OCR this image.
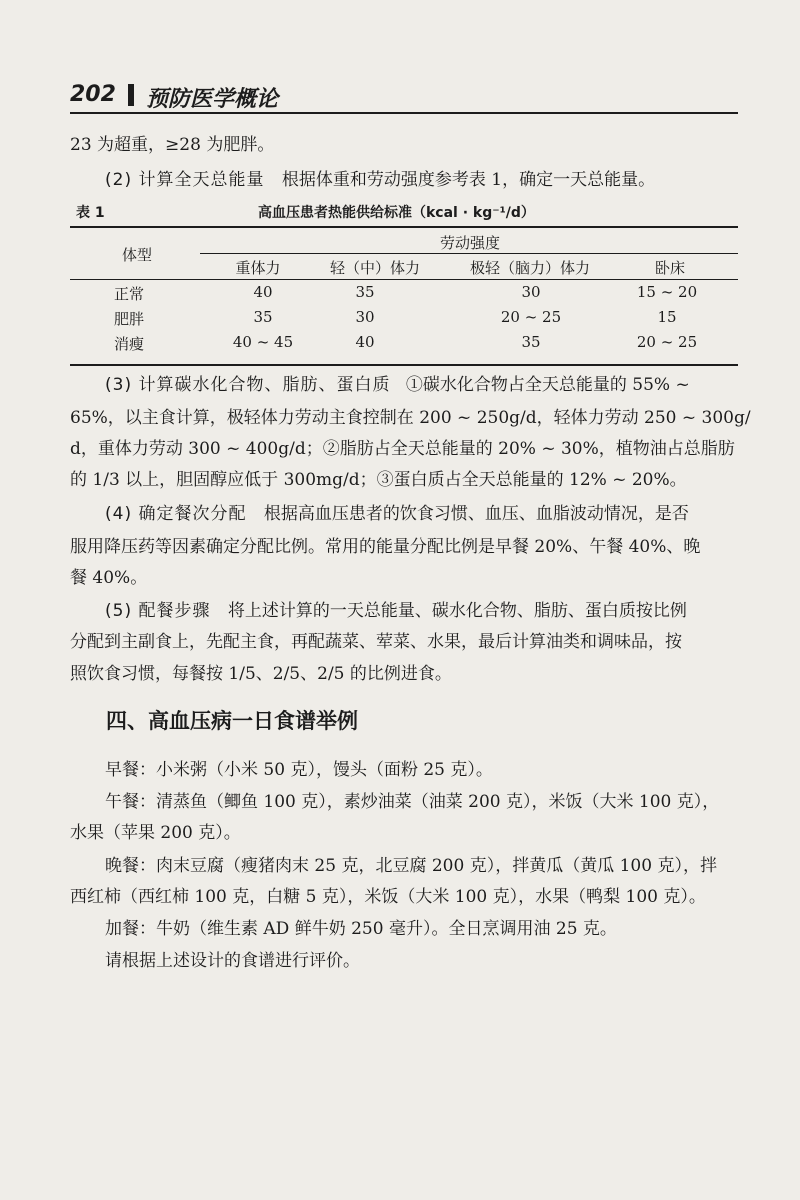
202 预防医学概论
23 为超重，≥28 为肥胖。
(2) 计算全天总能量 根据体重和劳动强度参考表 1，确定一天总能量。
表 1	高血压患者热能供给标准（kcal · kg⁻¹/d）
体型
劳动强度
重体力	轻（中）体力	极轻（脑力）体力	卧床
正常	40	35	30	15 ~ 20
肥胖	35	30	20 ~ 25	15
消瘦	40 ~ 45	40	35	20 ~ 25
(3) 计算碳水化合物、脂肪、蛋白质 ①碳水化合物占全天总能量的 55% ~
65%，以主食计算，极轻体力劳动主食控制在 200 ~ 250g/d，轻体力劳动 250 ~ 300g/
d，重体力劳动 300 ~ 400g/d；②脂肪占全天总能量的 20% ~ 30%，植物油占总脂肪
的 1/3 以上，胆固醇应低于 300mg/d；③蛋白质占全天总能量的 12% ~ 20%。
(4) 确定餐次分配 根据高血压患者的饮食习惯、血压、血脂波动情况，是否
服用降压药等因素确定分配比例。常用的能量分配比例是早餐 20%、午餐 40%、晚
餐 40%。
(5) 配餐步骤 将上述计算的一天总能量、碳水化合物、脂肪、蛋白质按比例
分配到主副食上，先配主食，再配蔬菜、荤菜、水果，最后计算油类和调味品，按
照饮食习惯，每餐按 1/5、2/5、2/5 的比例进食。
四、高血压病一日食谱举例
早餐：小米粥（小米 50 克），馒头（面粉 25 克）。
午餐：清蒸鱼（鲫鱼 100 克），素炒油菜（油菜 200 克），米饭（大米 100 克），
水果（苹果 200 克）。
晚餐：肉末豆腐（瘦猪肉末 25 克，北豆腐 200 克），拌黄瓜（黄瓜 100 克），拌
西红柿（西红柿 100 克，白糖 5 克），米饭（大米 100 克），水果（鸭梨 100 克）。
加餐：牛奶（维生素 AD 鲜牛奶 250 毫升）。全日烹调用油 25 克。
请根据上述设计的食谱进行评价。
